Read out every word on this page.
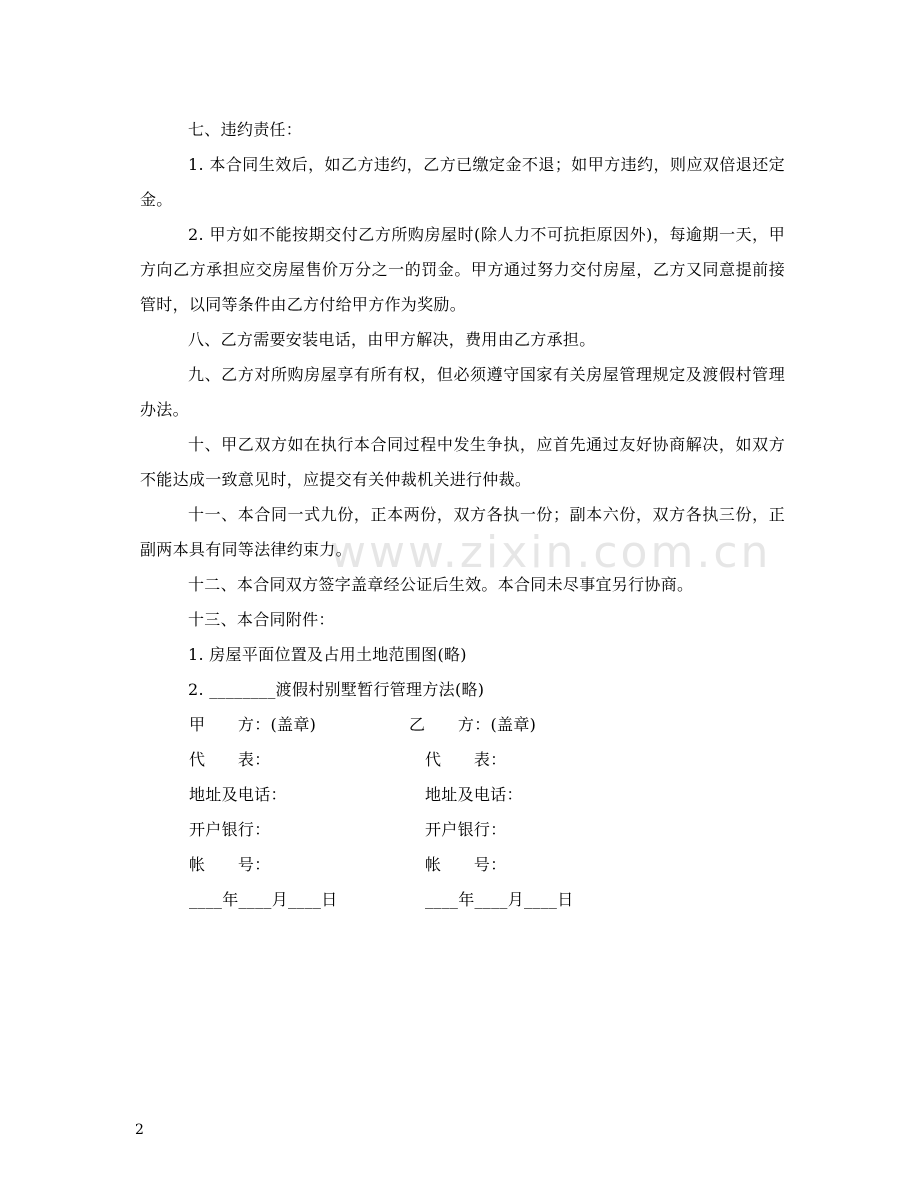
www.zixin.com.cn

七、违约责任：

1. 本合同生效后，如乙方违约，乙方已缴定金不退；如甲方违约，则应双倍退还定金。

2. 甲方如不能按期交付乙方所购房屋时(除人力不可抗拒原因外)，每逾期一天，甲方向乙方承担应交房屋售价万分之一的罚金。甲方通过努力交付房屋，乙方又同意提前接管时，以同等条件由乙方付给甲方作为奖励。

八、乙方需要安装电话，由甲方解决，费用由乙方承担。

九、乙方对所购房屋享有所有权，但必须遵守国家有关房屋管理规定及渡假村管理办法。

十、甲乙双方如在执行本合同过程中发生争执，应首先通过友好协商解决，如双方不能达成一致意见时，应提交有关仲裁机关进行仲裁。

十一、本合同一式九份，正本两份，双方各执一份；副本六份，双方各执三份，正副两本具有同等法律约束力。

十二、本合同双方签字盖章经公证后生效。本合同未尽事宜另行协商。

十三、本合同附件：

1. 房屋平面位置及占用土地范围图(略)

2. ________渡假村别墅暂行管理方法(略)

甲　　方：(盖章)
代　　表：
地址及电话：
开户银行：
帐　　号：
____年____月____日
乙　　方：(盖章)
代　　表：
地址及电话：
开户银行：
帐　　号：
____年____月____日
2
